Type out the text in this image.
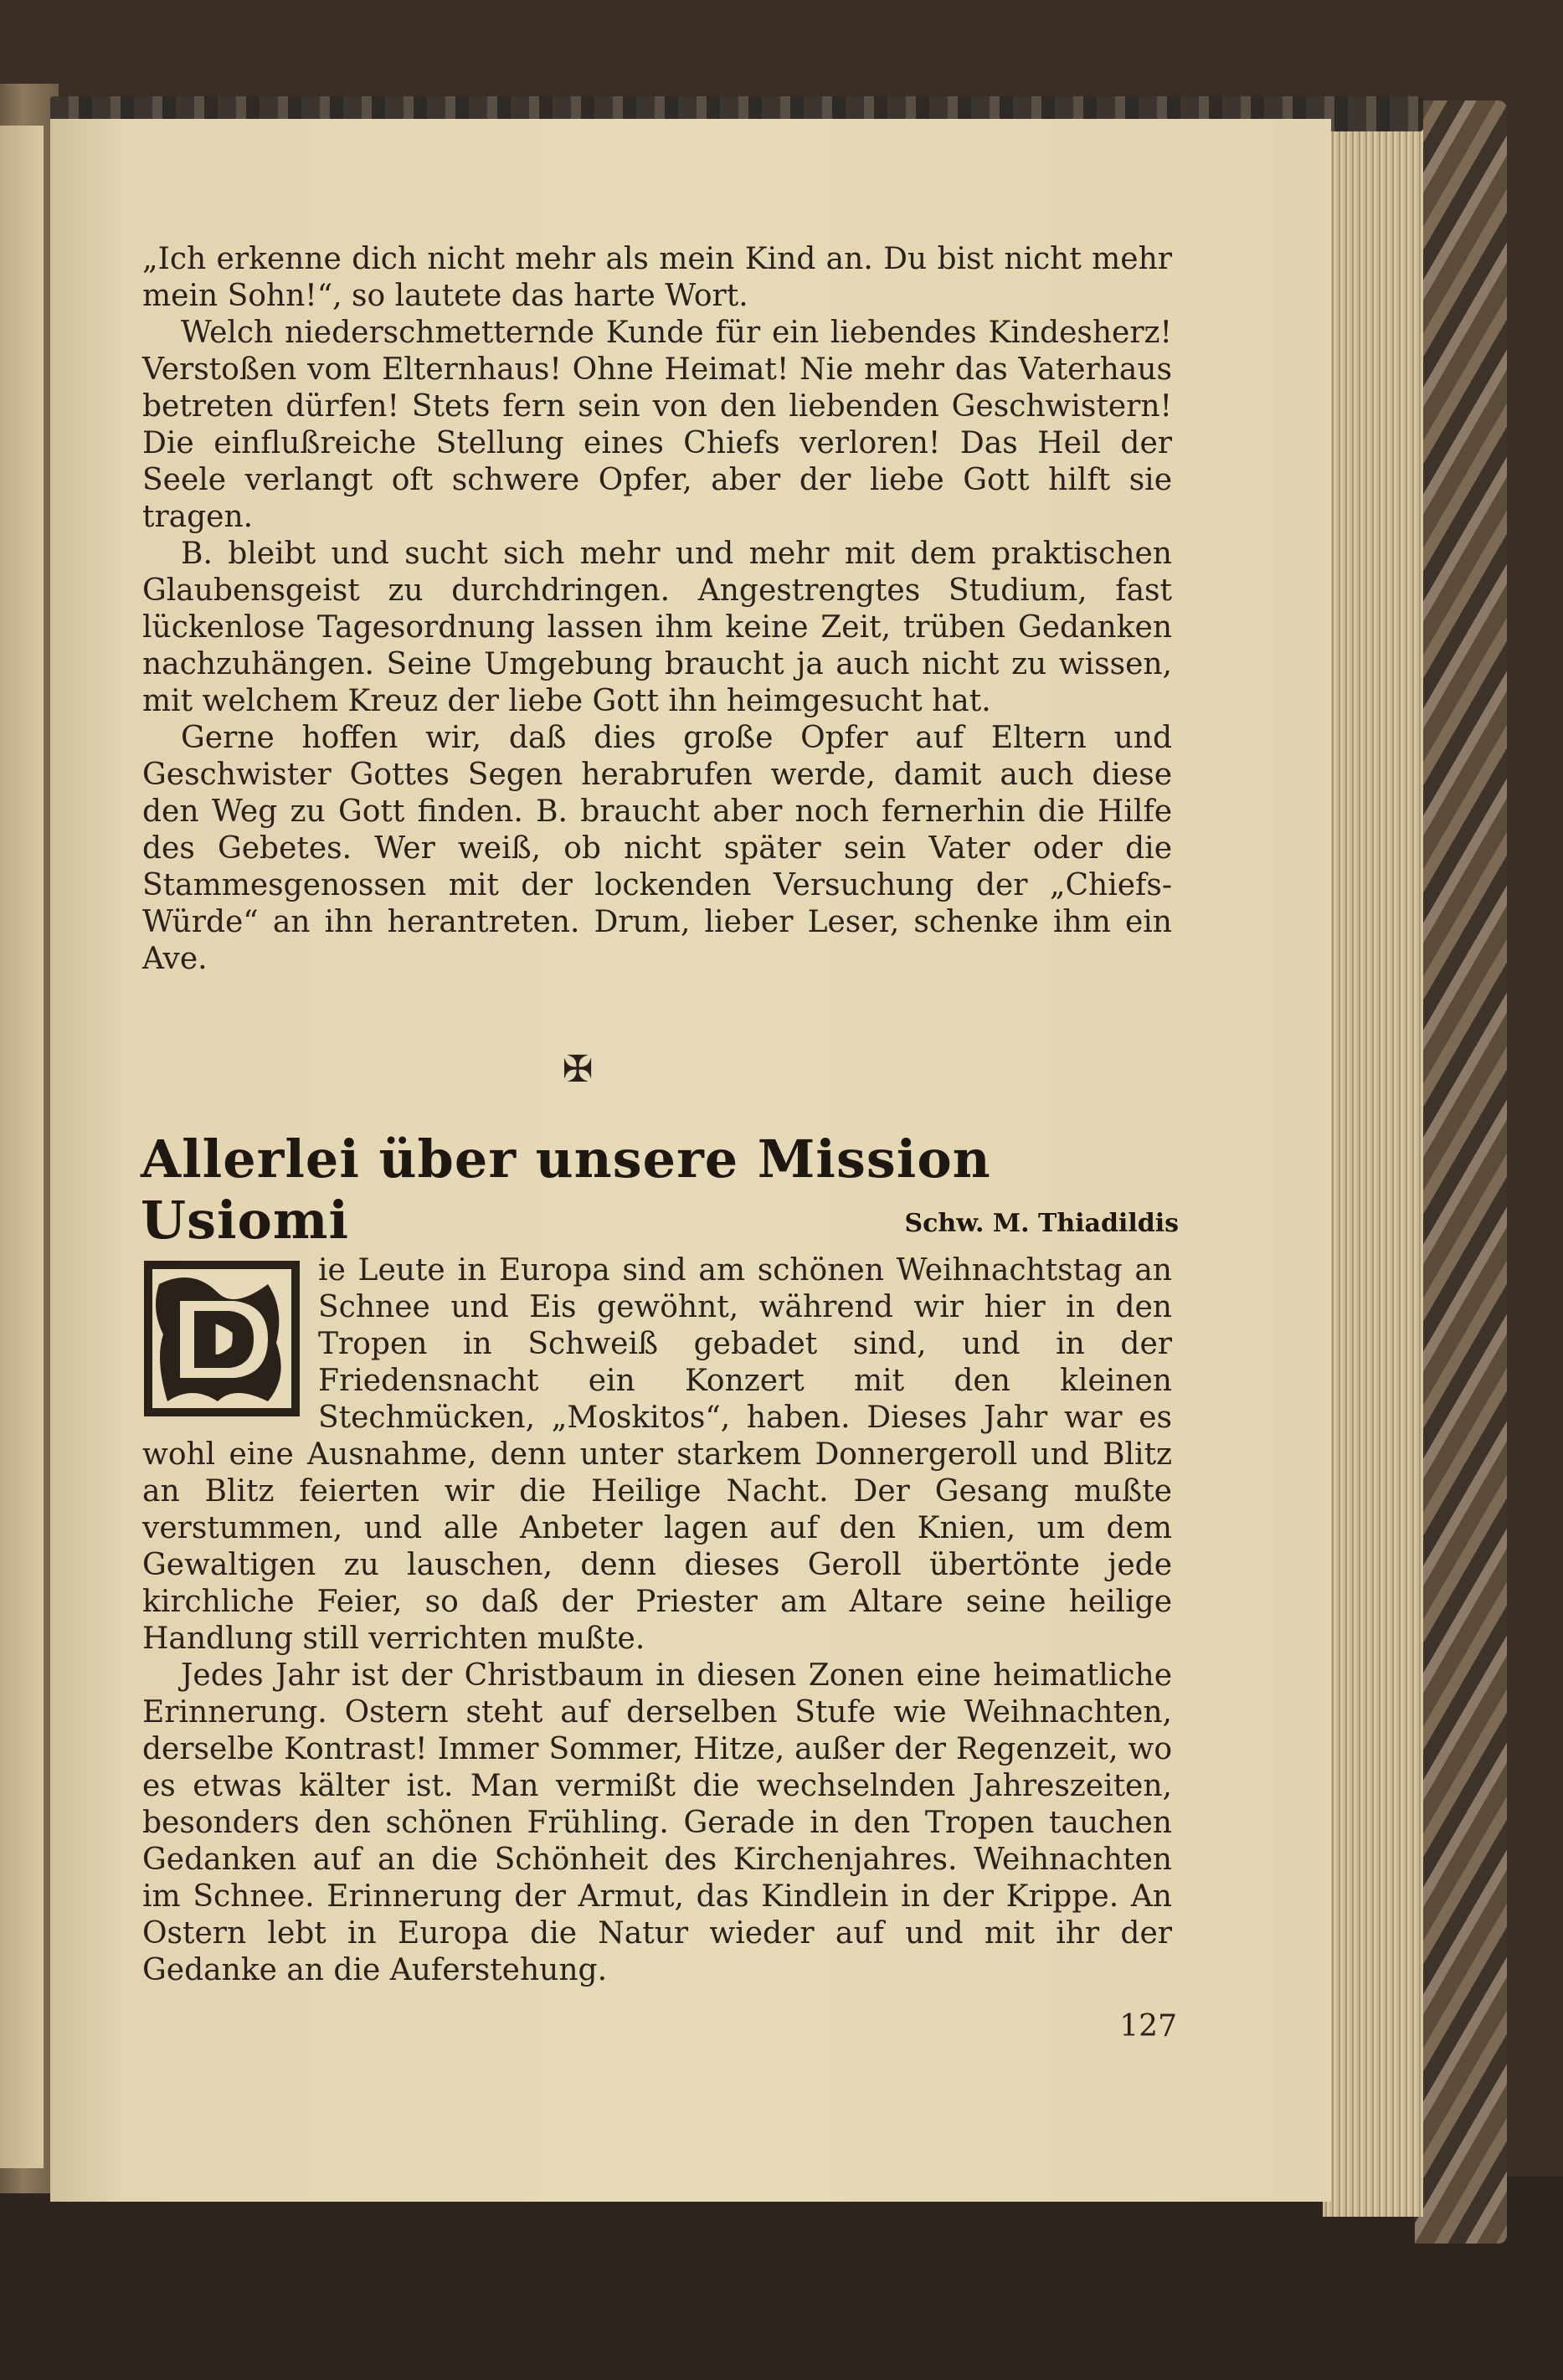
„Ich erkenne dich nicht mehr als mein Kind an. Du bist nicht mehr mein Sohn!“, so lautete das harte Wort.

Welch niederschmetternde Kunde für ein liebendes Kindesherz! Verstoßen vom Elternhaus! Ohne Heimat! Nie mehr das Vaterhaus betreten dürfen! Stets fern sein von den liebenden Geschwistern! Die einflußreiche Stellung eines Chiefs verloren! Das Heil der Seele verlangt oft schwere Opfer, aber der liebe Gott hilft sie tragen.

B. bleibt und sucht sich mehr und mehr mit dem praktischen Glaubensgeist zu durchdringen. Angestrengtes Studium, fast lückenlose Tagesordnung lassen ihm keine Zeit, trüben Gedanken nachzuhängen. Seine Umgebung braucht ja auch nicht zu wissen, mit welchem Kreuz der liebe Gott ihn heimgesucht hat.

Gerne hoffen wir, daß dies große Opfer auf Eltern und Geschwister Gottes Segen herabrufen werde, damit auch diese den Weg zu Gott finden. B. braucht aber noch fernerhin die Hilfe des Gebetes. Wer weiß, ob nicht später sein Vater oder die Stammesgenossen mit der lockenden Versuchung der „Chiefs-Würde“ an ihn herantreten. Drum, lieber Leser, schenke ihm ein Ave.

✠
Allerlei über unsere Mission Usiomi	Schw. M. Thiadildis
D

ie Leute in Europa sind am schönen Weihnachtstag an Schnee und Eis gewöhnt, während wir hier in den Tropen in Schweiß gebadet sind, und in der Friedensnacht ein Konzert mit den kleinen Stechmücken, „Moskitos“, haben. Dieses Jahr war es wohl eine Ausnahme, denn unter starkem Donnergeroll und Blitz an Blitz feierten wir die Heilige Nacht. Der Gesang mußte verstummen, und alle Anbeter lagen auf den Knien, um dem Gewaltigen zu lauschen, denn dieses Geroll übertönte jede kirchliche Feier, so daß der Priester am Altare seine heilige Handlung still verrichten mußte.

Jedes Jahr ist der Christbaum in diesen Zonen eine heimatliche Erinnerung. Ostern steht auf derselben Stufe wie Weihnachten, derselbe Kontrast! Immer Sommer, Hitze, außer der Regenzeit, wo es etwas kälter ist. Man vermißt die wechselnden Jahreszeiten, besonders den schönen Frühling. Gerade in den Tropen tauchen Gedanken auf an die Schönheit des Kirchenjahres. Weihnachten im Schnee. Erinnerung der Armut, das Kindlein in der Krippe. An Ostern lebt in Europa die Natur wieder auf und mit ihr der Gedanke an die Auferstehung.

127
